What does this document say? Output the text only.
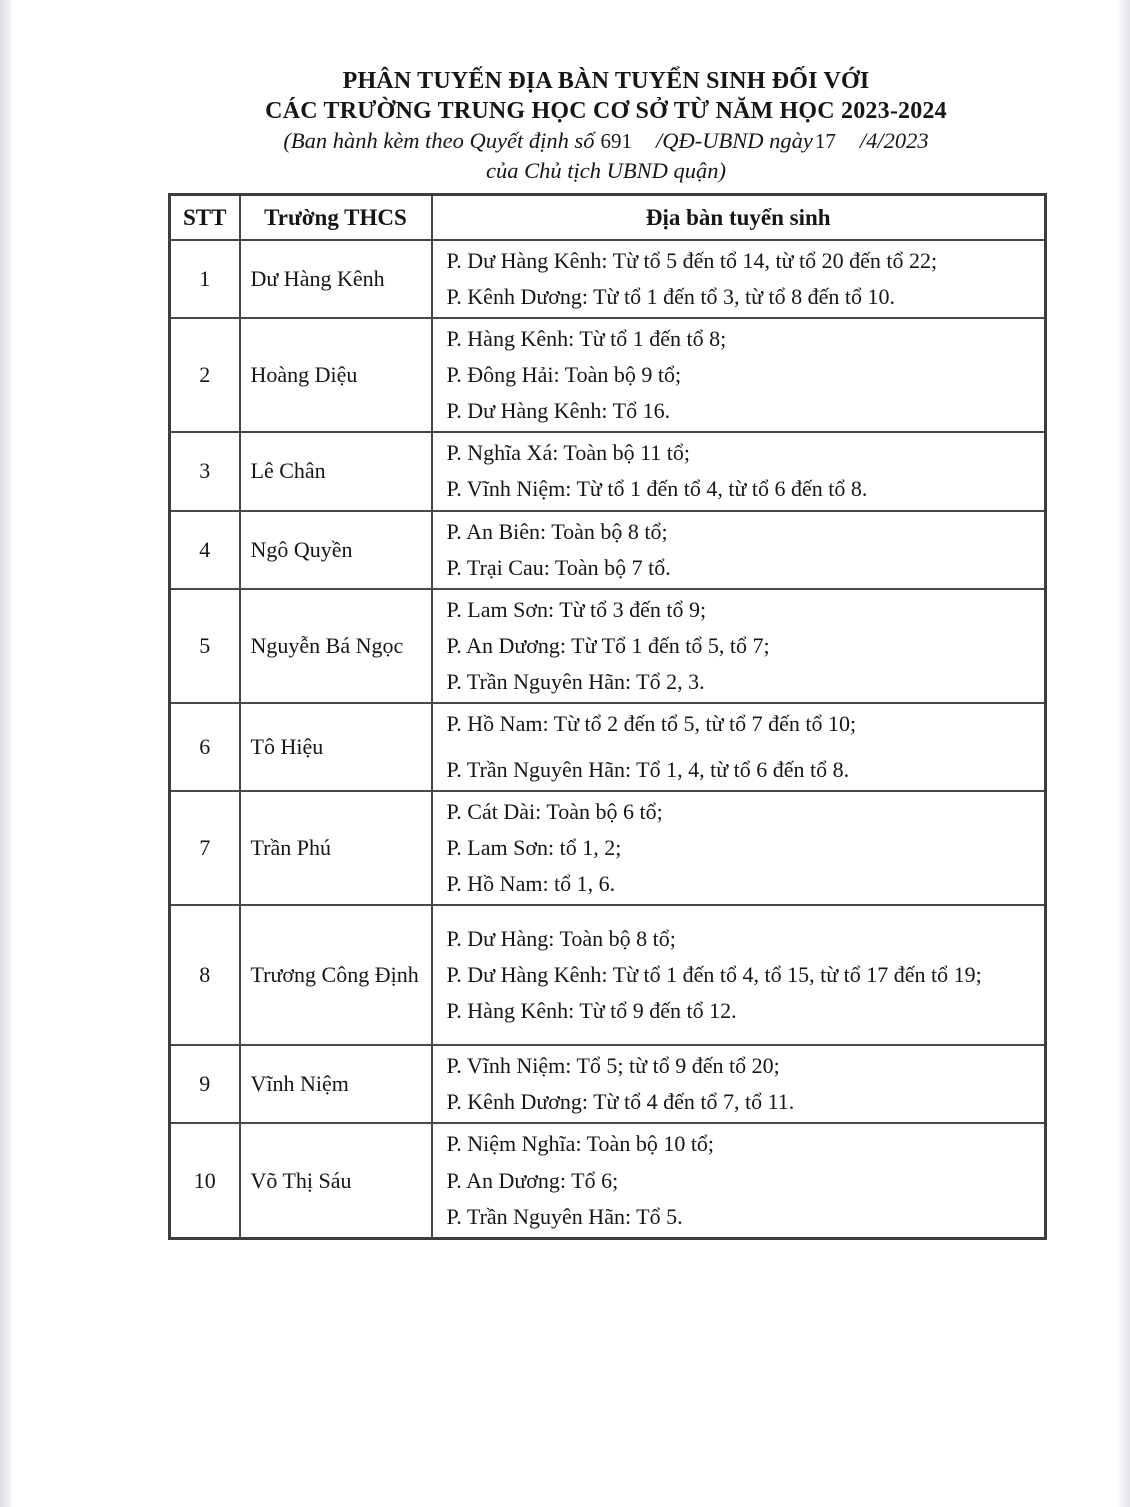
PHÂN TUYẾN ĐỊA BÀN TUYỂN SINH ĐỐI VỚI
CÁC TRƯỜNG TRUNG HỌC CƠ SỞ TỪ NĂM HỌC 2023-2024
(Ban hành kèm theo Quyết định số 691 /QĐ-UBND ngày17 /4/2023
của Chủ tịch UBND quận)
STT	Trường THCS	Địa bàn tuyển sinh
1	Dư Hàng Kênh	P. Dư Hàng Kênh: Từ tổ 5 đến tổ 14, từ tổ 20 đến tổ 22;
P. Kênh Dương: Từ tổ 1 đến tổ 3, từ tổ 8 đến tổ 10.

2	Hoàng Diệu	P. Hàng Kênh: Từ tổ 1 đến tổ 8;
P. Đông Hải: Toàn bộ 9 tổ;
P. Dư Hàng Kênh: Tổ 16.

3	Lê Chân	P. Nghĩa Xá: Toàn bộ 11 tổ;
P. Vĩnh Niệm: Từ tổ 1 đến tổ 4, từ tổ 6 đến tổ 8.

4	Ngô Quyền	P. An Biên: Toàn bộ 8 tổ;
P. Trại Cau: Toàn bộ 7 tổ.

5	Nguyễn Bá Ngọc	P. Lam Sơn: Từ tổ 3 đến tổ 9;
P. An Dương: Từ Tổ 1 đến tổ 5, tổ 7;
P. Trần Nguyên Hãn: Tổ 2, 3.

6	Tô Hiệu	P. Hồ Nam: Từ tổ 2 đến tổ 5, từ tổ 7 đến tổ 10;
P. Trần Nguyên Hãn: Tổ 1, 4, từ tổ 6 đến tổ 8.

7	Trần Phú	P. Cát Dài: Toàn bộ 6 tổ;
P. Lam Sơn: tổ 1, 2;
P. Hồ Nam: tổ 1, 6.

8	Trương Công Định	P. Dư Hàng: Toàn bộ 8 tổ;
P. Dư Hàng Kênh: Từ tổ 1 đến tổ 4, tổ 15, từ tổ 17 đến tổ 19;
P. Hàng Kênh: Từ tổ 9 đến tổ 12.

9	Vĩnh Niệm	P. Vĩnh Niệm: Tổ 5; từ tổ 9 đến tổ 20;
P. Kênh Dương: Từ tổ 4 đến tổ 7, tổ 11.

10	Võ Thị Sáu	P. Niệm Nghĩa: Toàn bộ 10 tổ;
P. An Dương: Tổ 6;
P. Trần Nguyên Hãn: Tổ 5.
